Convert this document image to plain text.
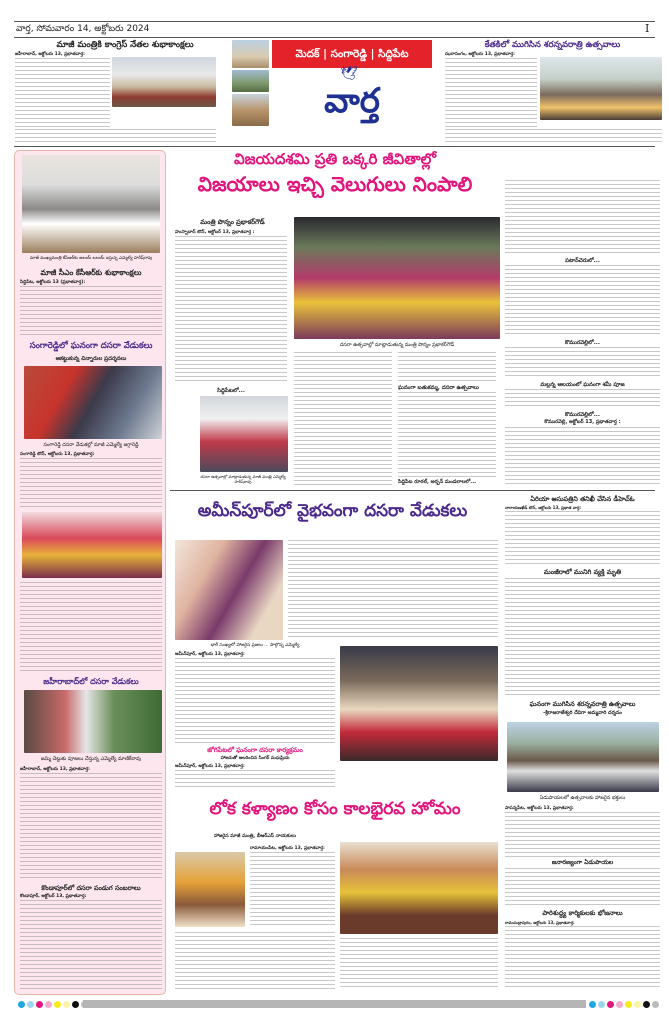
వార్త, సోమవారం 14, అక్టోబరు 2024	I
మాజీ మంత్రికి కాంగ్రెస్ నేతల శుభాకాంక్షలు
జహీరాబాద్, అక్టోబరు 13, ప్రభాతవార్త:	మెదక్ | సంగారెడ్డి | సిద్దిపేట
🕊
వార్త
కేతకిలో ముగిసిన శరన్నవరాత్రి ఉత్సవాలు
ఝరాసంగం, అక్టోబరు 13, ప్రభాతవార్త:
మాజీ ముఖ్యమంత్రి కేసీఆర్‌కు అలయ్ బలయ్ ఇస్తున్న ఎమ్మెల్యే హరీష్‌రావు
మాజీ సీఎం కేసీఆర్‌కు శుభాకాంక్షలు
సిద్దిపేట, అక్టోబరు 13 (ప్రభాతవార్త):
సంగారెడ్డిలో ఘనంగా దసరా వేడుకలు
ఆకట్టుకున్న చిన్నారుల ప్రదర్శనలు
సంగారెడ్డి దసరా వేడుకల్లో మాజీ ఎమ్మెల్యే జగ్గారెడ్డి
సంగారెడ్డి టౌన్, అక్టోబరు 13, ప్రభాతవార్త:
జహీరాబాద్‌లో దసరా వేడుకలు
జమ్మి చెట్టుకు పూజలు చేస్తున్న ఎమ్మెల్యే మాణిక్‌రావు
జహీరాబాద్, అక్టోబరు 13, ప్రభాతవార్త:
కొండాపూర్‌లో దసరా పండుగ సంబరాలు
కొండాపూర్, అక్టోబర్ 13, ప్రభాతవార్త:
విజయదశమి ప్రతి ఒక్కరి జీవితాల్లో
విజయాలు ఇచ్చి వెలుగులు నింపాలి
మంత్రి పొన్నం ప్రభాకర్‌గౌడ్
హుస్నాబాద్ టౌన్, అక్టోబర్ 13, ప్రభాతవార్త :
దసరా ఉత్సవాల్లో మాట్లాడుతున్న మంత్రి పొన్నం ప్రభాకర్‌గౌడ్
ఘనంగా బతుకమ్మ, దసరా ఉత్సవాలు
సిద్దిపేట రూరల్, అర్బన్ మండలాలలో...
సిద్దిపేటలో...
దసరా ఉత్సవాల్లో మాట్లాడుతున్న మాజీ మంత్రి ఎమ్మెల్యే హరీష్‌రావు
పటాన్‌చెరులో...
కొమురవెల్లిలో...
మల్లన్న ఆలయంలో ఘనంగా శమీ పూజ
కొమురవెల్లిలో...
కొమురవెల్లి, అక్టోబర్ 13, ప్రభాతవార్త :
అమీన్‌పూర్‌లో వైభవంగా దసరా వేడుకలు
భారీ సంఖ్యలో హాజరైన ప్రజలు ... పాల్గొన్న ఎమ్మెల్యే
అమీన్‌పూర్, అక్టోబరు 13, ప్రభాతవార్త:
జోగిపేటలో ఘనంగా దసరా కార్యక్రమం
హాజరుతో అలరించిన సింగర్ మధుప్రియ
అమీన్‌పూర్, అక్టోబరు 13, ప్రభాతవార్త:
లోక కళ్యాణం కోసం కాలభైరవ హోమం
హాజరైన మాజీ మంత్రి, బీఆర్ఎస్ నాయకులు
రామాయంపేట, అక్టోబరు 13, ప్రభాతవార్త:
ఏరియా ఆసుపత్రిని తనిఖీ చేసిన డీహెచ్‌ఓ
నారాయణఖేడ్ టౌన్, అక్టోబరు 13, ప్రభాత వార్త:
మంజీరాలో మునిగి వ్యక్తి మృతి
ఘనంగా ముగిసిన శరన్నవరాత్రి ఉత్సవాలు
-శ్రీరాజరాజేశ్వరి దేవిగా అమ్మవారి దర్శనం
ఏడుపాయలలో ఉత్సవాలకు హాజరైన భక్తులు
పాపన్నపేట, అక్టోబరు 13, ప్రభాతవార్త:
జనారణ్యంగా ఏడుపాయల
పారిశుద్ధ్య కార్మికులకు భోజనాలు
రామచంద్రాపురం, అక్టోబరు 13, ప్రభాతవార్త:
